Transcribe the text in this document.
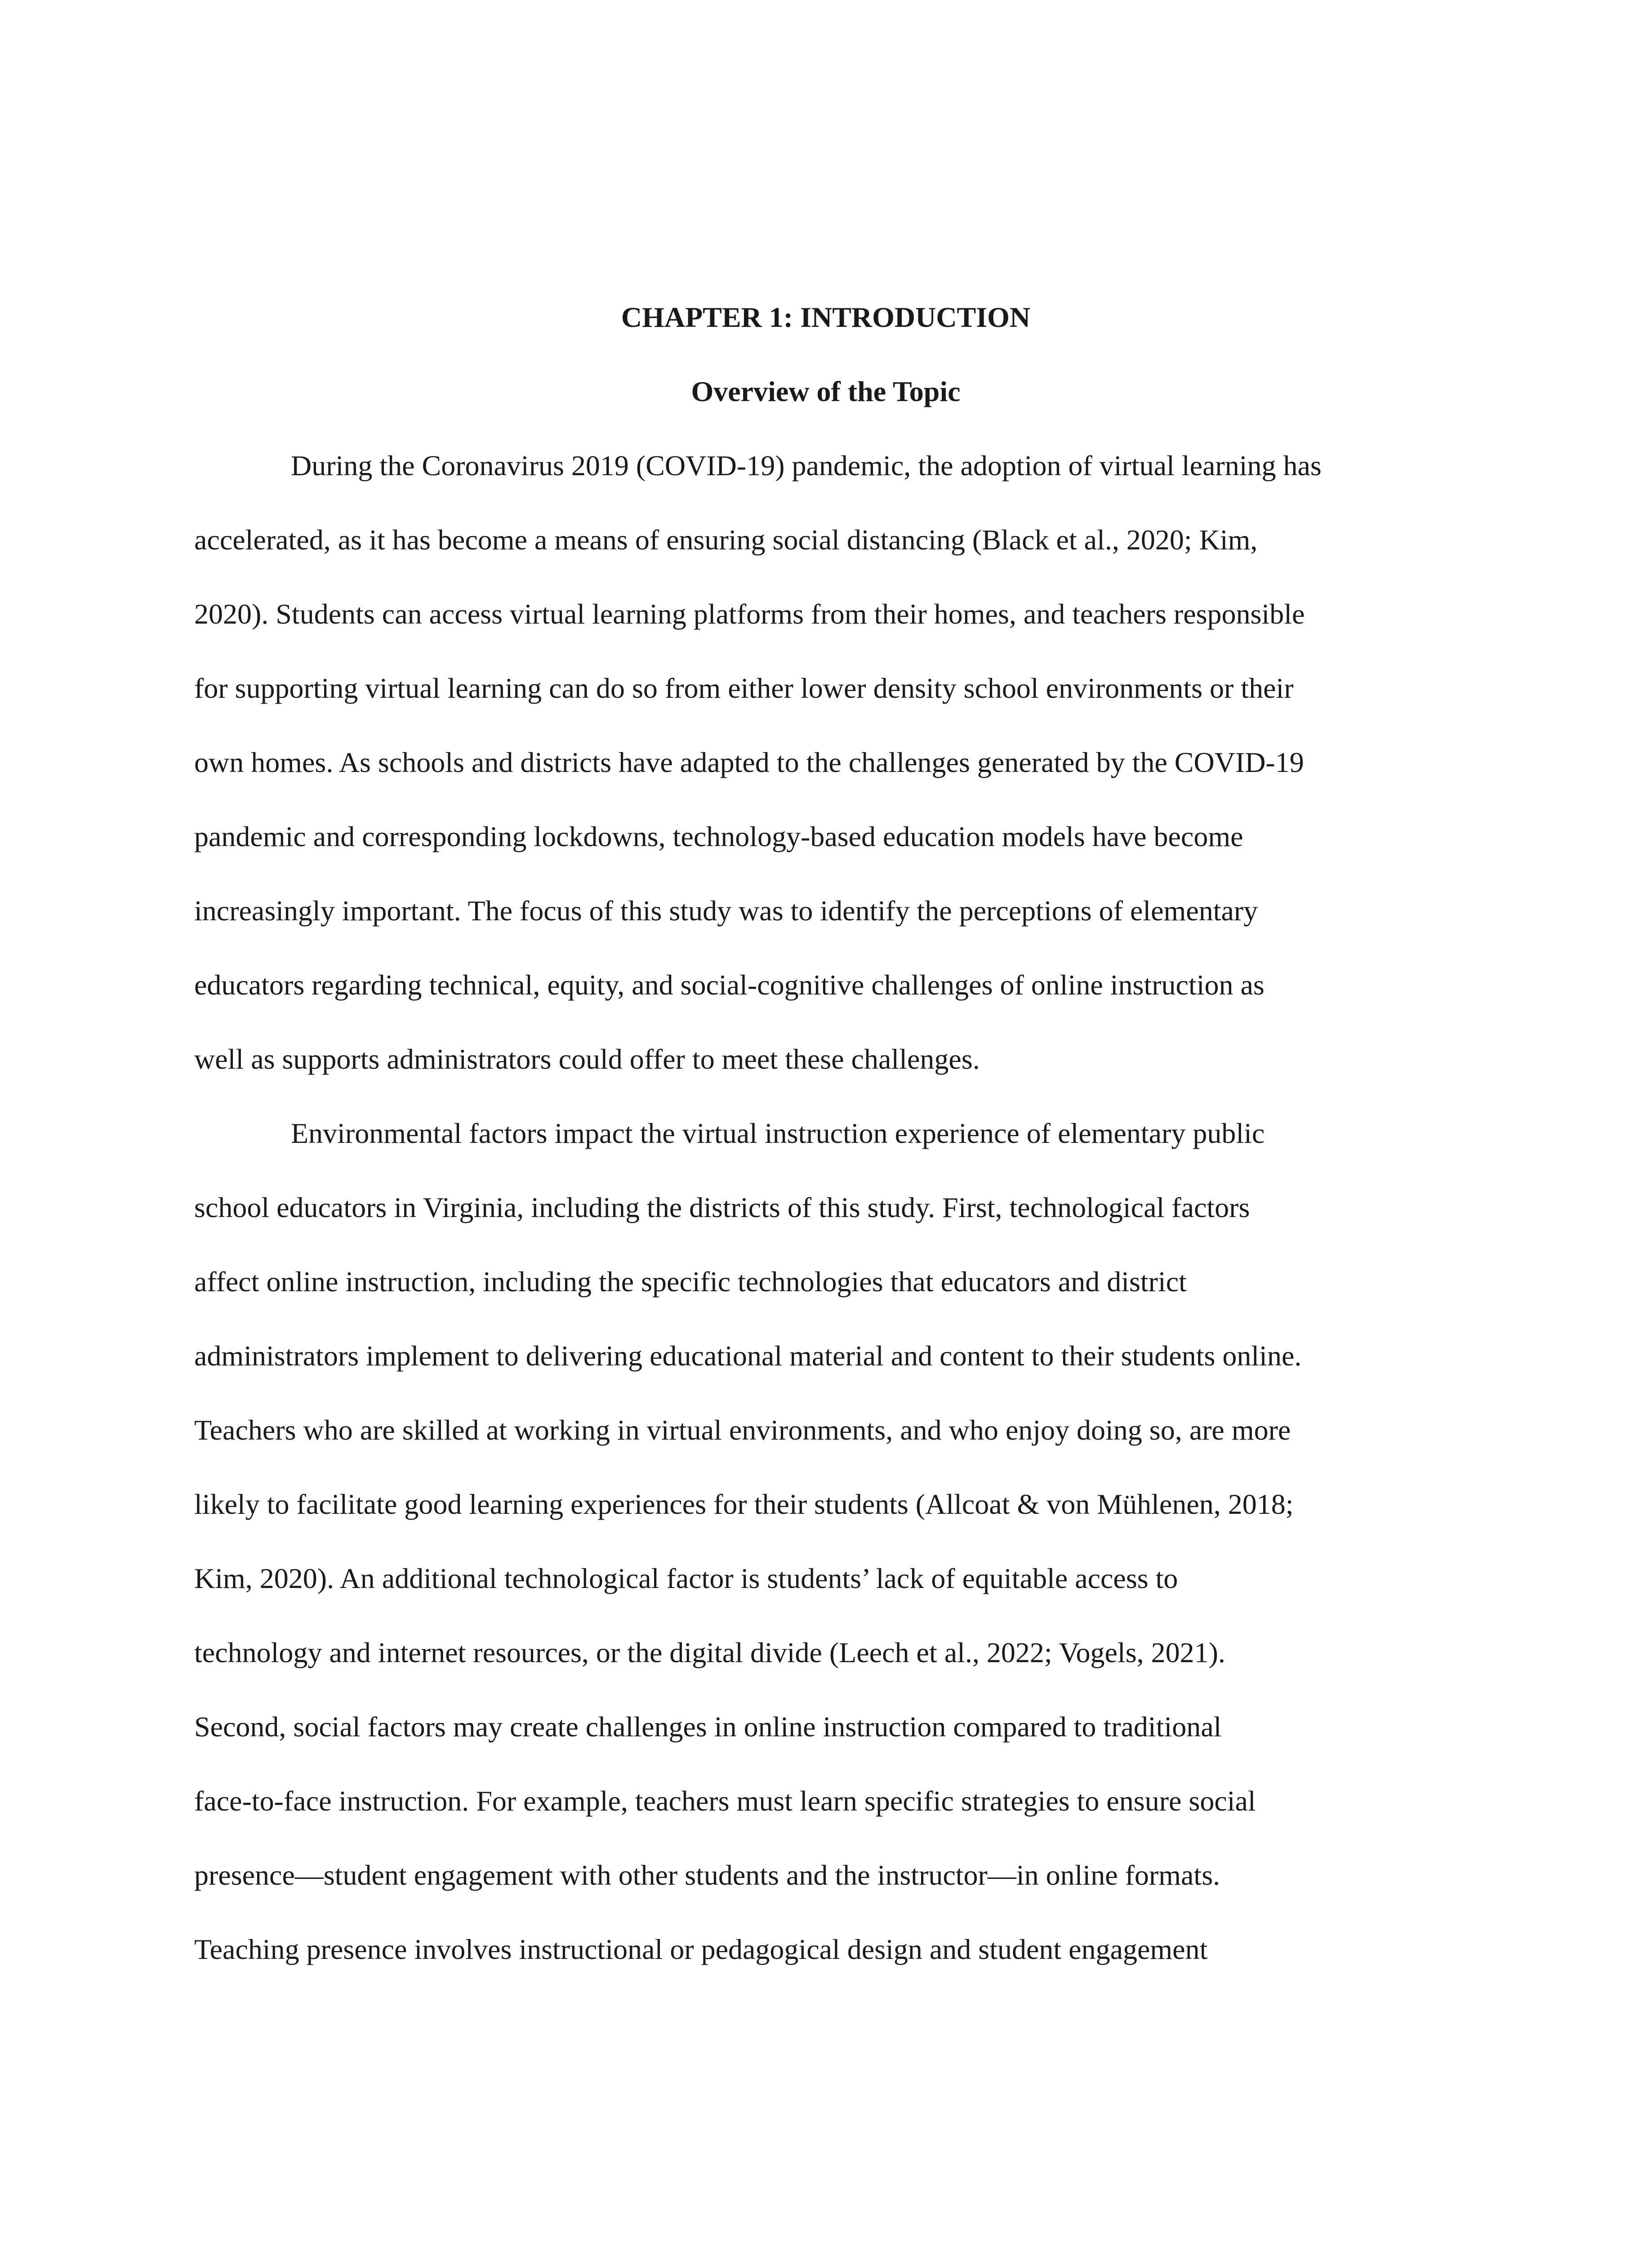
CHAPTER 1: INTRODUCTION
Overview of the Topic

During the Coronavirus 2019 (COVID-19) pandemic, the adoption of virtual learning has

accelerated, as it has become a means of ensuring social distancing (Black et al., 2020; Kim,

2020). Students can access virtual learning platforms from their homes, and teachers responsible

for supporting virtual learning can do so from either lower density school environments or their

own homes. As schools and districts have adapted to the challenges generated by the COVID-19

pandemic and corresponding lockdowns, technology-based education models have become

increasingly important. The focus of this study was to identify the perceptions of elementary

educators regarding technical, equity, and social-cognitive challenges of online instruction as

well as supports administrators could offer to meet these challenges.

Environmental factors impact the virtual instruction experience of elementary public

school educators in Virginia, including the districts of this study. First, technological factors

affect online instruction, including the specific technologies that educators and district

administrators implement to delivering educational material and content to their students online.

Teachers who are skilled at working in virtual environments, and who enjoy doing so, are more

likely to facilitate good learning experiences for their students (Allcoat & von Mühlenen, 2018;

Kim, 2020). An additional technological factor is students’ lack of equitable access to

technology and internet resources, or the digital divide (Leech et al., 2022; Vogels, 2021).

Second, social factors may create challenges in online instruction compared to traditional

face-to-face instruction. For example, teachers must learn specific strategies to ensure social

presence—student engagement with other students and the instructor—in online formats.

Teaching presence involves instructional or pedagogical design and student engagement
